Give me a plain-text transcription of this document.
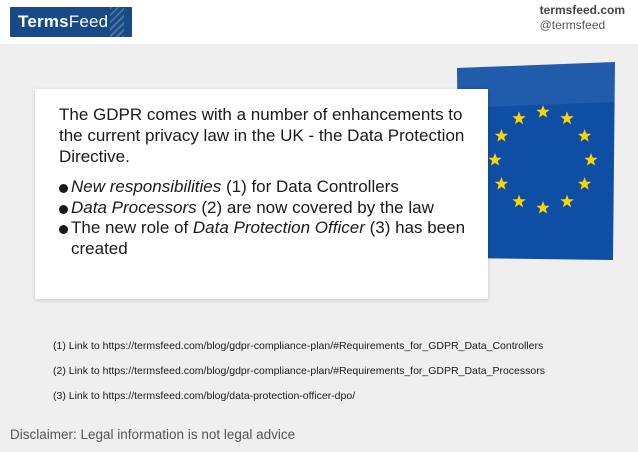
TermsFeed
termsfeed.com
@termsfeed

The GDPR comes with a number of enhancements to the current privacy law in the UK - the Data Protection Directive.

New responsibilities (1) for Data Controllers
Data Processors (2) are now covered by the law
The new role of Data Protection Officer (3) has been created
(1) Link to https://termsfeed.com/blog/gdpr-compliance-plan/#Requirements_for_GDPR_Data_Controllers
(2) Link to https://termsfeed.com/blog/gdpr-compliance-plan/#Requirements_for_GDPR_Data_Processors
(3) Link to https://termsfeed.com/blog/data-protection-officer-dpo/
Disclaimer: Legal information is not legal advice
